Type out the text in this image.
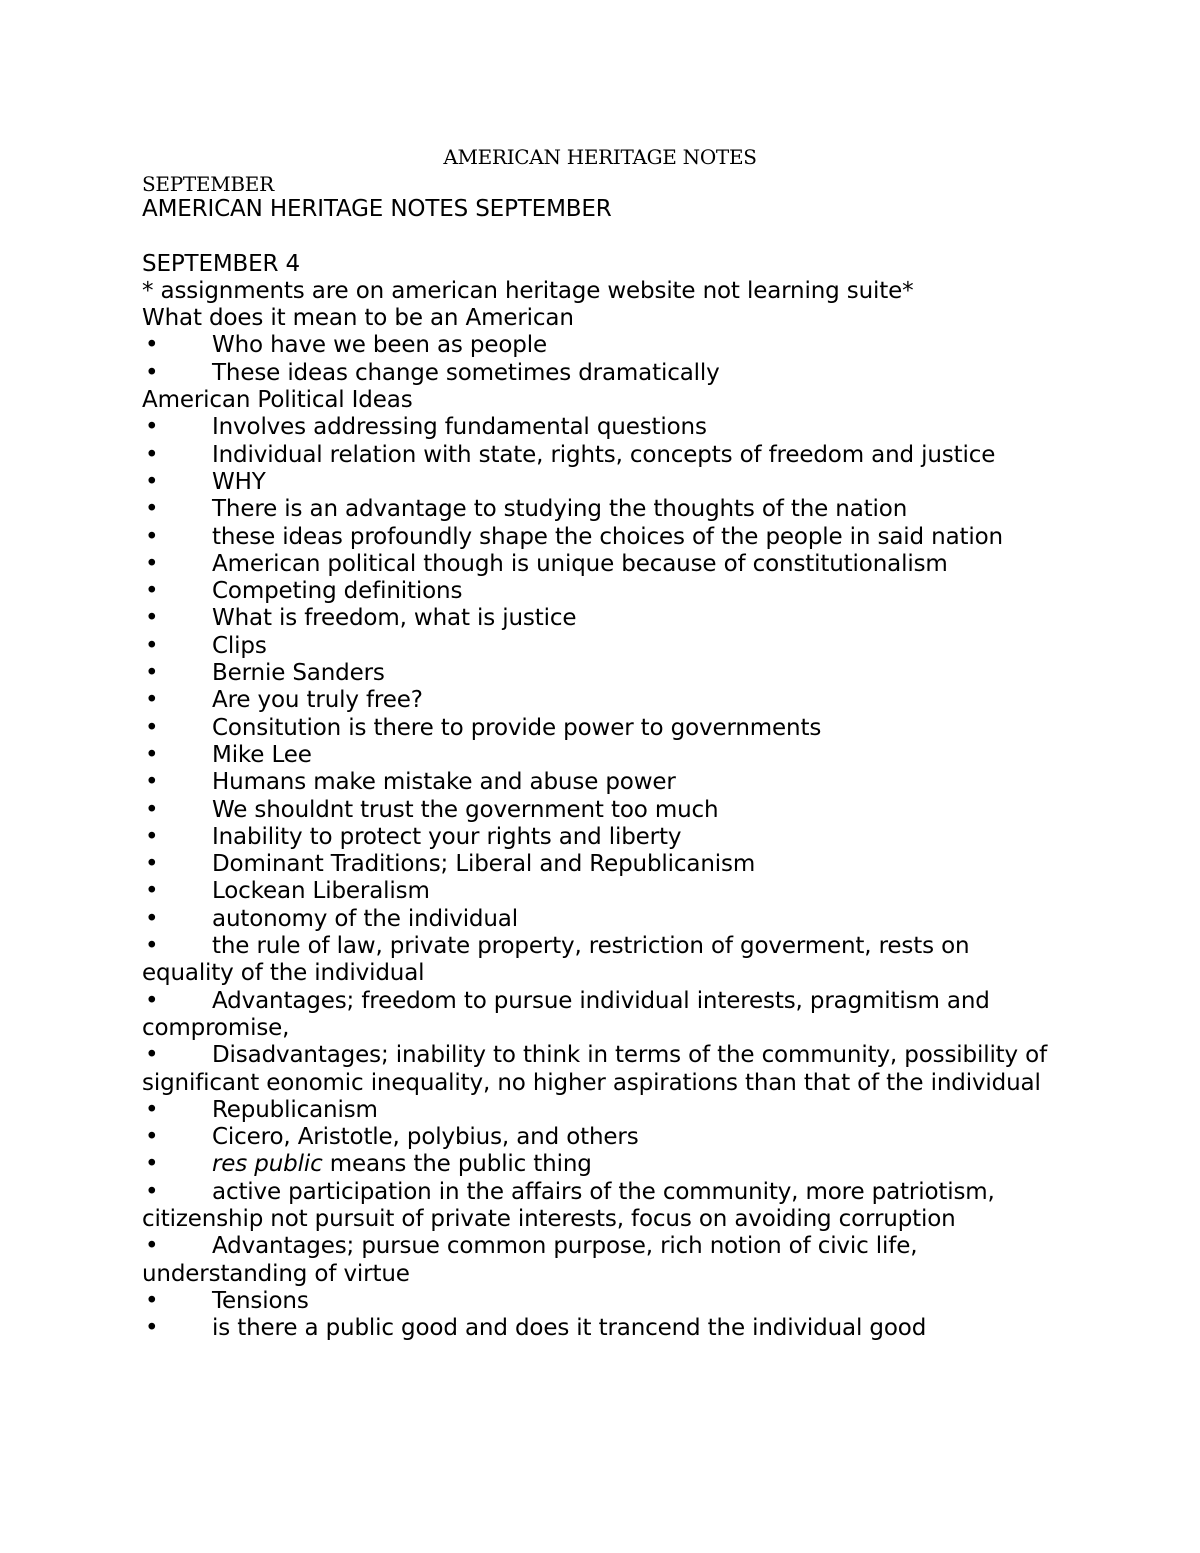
AMERICAN HERITAGE NOTES
SEPTEMBER
AMERICAN HERITAGE NOTES SEPTEMBER
SEPTEMBER 4
* assignments are on american heritage website not learning suite*
What does it mean to be an American
• Who have we been as people
• These ideas change sometimes dramatically
American Political Ideas
• Involves addressing fundamental questions
• Individual relation with state, rights, concepts of freedom and justice
• WHY
• There is an advantage to studying the thoughts of the nation
• these ideas profoundly shape the choices of the people in said nation
• American political though is unique because of constitutionalism
• Competing definitions
• What is freedom, what is justice
• Clips
• Bernie Sanders
• Are you truly free?
• Consitution is there to provide power to governments
• Mike Lee
• Humans make mistake and abuse power
• We shouldnt trust the government too much
• Inability to protect your rights and liberty
• Dominant Traditions; Liberal and Republicanism
• Lockean Liberalism
• autonomy of the individual
• the rule of law, private property, restriction of goverment, rests on equality of the individual
• Advantages; freedom to pursue individual interests, pragmitism and compromise,
• Disadvantages; inability to think in terms of the community, possibility of significant eonomic inequality, no higher aspirations than that of the individual
• Republicanism
• Cicero, Aristotle, polybius, and others
• res public means the public thing
• active participation in the affairs of the community, more patriotism, citizenship not pursuit of private interests, focus on avoiding corruption
• Advantages; pursue common purpose, rich notion of civic life, understanding of virtue
• Tensions
• is there a public good and does it trancend the individual good
